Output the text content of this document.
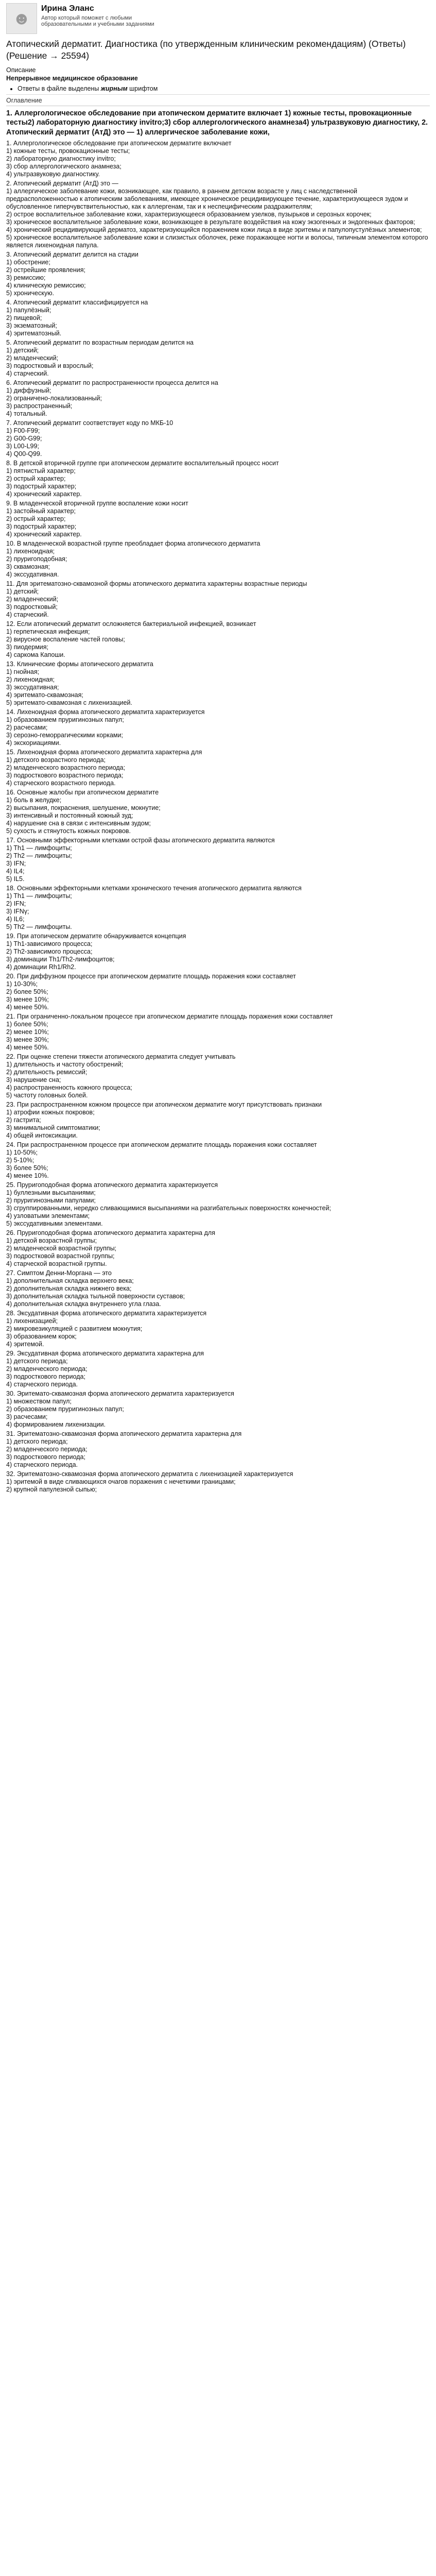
☻
Ирина Эланс
Автор который поможет с любыми образовательными и учебными заданиями
Атопический дерматит. Диагностика (по утвержденным клиническим рекомендациям) (Ответы) (Решение → 25594)
Описание
Непрерывное медицинское образование
• Ответы в файле выделены жирным шрифтом
Оглавление
1. Аллергологическое обследование при атопическом дерматите включает 1) кожные тесты, провокационные тесты2) лабораторную диагностику invitro;3) сбор аллергологического анамнеза4) ультразвуковую диагностику, 2. Атопический дерматит (АтД) это — 1) аллергическое заболевание кожи,
1. Аллергологическое обследование при атопическом дерматите включает
1) кожные тесты, провокационные тесты;
2) лабораторную диагностику invitro;
3) сбор аллергологического анамнеза;
4) ультразвуковую диагностику.
2. Атопический дерматит (АтД) это —
1) аллергическое заболевание кожи, возникающее, как правило, в раннем детском возрасте у лиц с наследственной предрасположенностью к атопическим заболеваниям, имеющее хроническое рецидивирующее течение, характеризующееся зудом и обусловленное гиперчувствительностью, как к аллергенам, так и к неспецифическим раздражителям;
2) острое воспалительное заболевание кожи, характеризующееся образованием узелков, пузырьков и серозных корочек;
3) хроническое воспалительное заболевание кожи, возникающее в результате воздействия на кожу экзогенных и эндогенных факторов;
4) хронический рецидивирующий дерматоз, характеризующийся поражением кожи лица в виде эритемы и папулопустулёзных элементов;
5) хроническое воспалительное заболевание кожи и слизистых оболочек, реже поражающее ногти и волосы, типичным элементом которого является лихеноидная папула.
3. Атопический дерматит делится на стадии
1) обострение;
2) острейшие проявления;
3) ремиссию;
4) клиническую ремиссию;
5) хроническую.
4. Атопический дерматит классифицируется на
1) папулёзный;
2) пищевой;
3) экзематозный;
4) эритематозный.
5. Атопический дерматит по возрастным периодам делится на
1) детский;
2) младенческий;
3) подростковый и взрослый;
4) старческий.
6. Атопический дерматит по распространенности процесса делится на
1) диффузный;
2) ограничено-локализованный;
3) распространенный;
4) тотальный.
7. Атопический дерматит соответствует коду по МКБ-10
1) F00-F99;
2) G00-G99;
3) L00-L99;
4) Q00-Q99.
8. В детской вторичной группе при атопическом дерматите воспалительный процесс носит
1) пятнистый характер;
2) острый характер;
3) подострый характер;
4) хронический характер.
9. В младенческой вторичной группе воспаление кожи носит
1) застойный характер;
2) острый характер;
3) подострый характер;
4) хронический характер.
10. В младенческой возрастной группе преобладает форма атопического дерматита
1) лихеноидная;
2) пруригоподобная;
3) сквамозная;
4) экссудативная.
11. Для эритематозно-сквамозной формы атопического дерматита характерны возрастные периоды
1) детский;
2) младенческий;
3) подростковый;
4) старческий.
12. Если атопический дерматит осложняется бактериальной инфекцией, возникает
1) герпетическая инфекция;
2) вирусное воспаление частей головы;
3) пиодермия;
4) саркома Капоши.
13. Клинические формы атопического дерматита
1) гнойная;
2) лихеноидная;
3) экссудативная;
4) эритемато-сквамозная;
5) эритемато-сквамозная с лихенизацией.
14. Лихеноидная форма атопического дерматита характеризуется
1) образованием пруригинозных папул;
2) расчесами;
3) серозно-геморрагическими корками;
4) экскориациями.
15. Лихеноидная форма атопического дерматита характерна для
1) детского возрастного периода;
2) младенческого возрастного периода;
3) подросткового возрастного периода;
4) старческого возрастного периода.
16. Основные жалобы при атопическом дерматите
1) боль в желудке;
2) высыпания, покраснения, шелушение, мокнутие;
3) интенсивный и постоянный кожный зуд;
4) нарушение сна в связи с интенсивным зудом;
5) сухость и стянутость кожных покровов.
17. Основными эффекторными клетками острой фазы атопического дерматита являются
1) Th1 — лимфоциты;
2) Th2 — лимфоциты;
3) IFN;
4) IL4;
5) IL5.
18. Основными эффекторными клетками хронического течения атопического дерматита являются
1) Th1 — лимфоциты;
2) IFN;
3) IFNγ;
4) IL6;
5) Th2 — лимфоциты.
19. При атопическом дерматите обнаруживается концепция
1) Th1-зависимого процесса;
2) Th2-зависимого процесса;
3) доминации Th1/Th2-лимфоцитов;
4) доминации Rh1/Rh2.
20. При диффузном процессе при атопическом дерматите площадь поражения кожи составляет
1) 10-30%;
2) более 50%;
3) менее 10%;
4) менее 50%.
21. При ограниченно-локальном процессе при атопическом дерматите площадь поражения кожи составляет
1) более 50%;
2) менее 10%;
3) менее 30%;
4) менее 50%.
22. При оценке степени тяжести атопического дерматита следует учитывать
1) длительность и частоту обострений;
2) длительность ремиссий;
3) нарушение сна;
4) распространенность кожного процесса;
5) частоту головных болей.
23. При распространенном кожном процессе при атопическом дерматите могут присутствовать признаки
1) атрофии кожных покровов;
2) гастрита;
3) минимальной симптоматики;
4) общей интоксикации.
24. При распространенном процессе при атопическом дерматите площадь поражения кожи составляет
1) 10-50%;
2) 5-10%;
3) более 50%;
4) менее 10%.
25. Пруригоподобная форма атопического дерматита характеризуется
1) буллезными высыпаниями;
2) пруригинозными папулами;
3) сгруппированными, нередко сливающимися высыпаниями на разгибательных поверхностях конечностей;
4) узловатыми элементами;
5) экссудативными элементами.
26. Пруригоподобная форма атопического дерматита характерна для
1) детской возрастной группы;
2) младенческой возрастной группы;
3) подростковой возрастной группы;
4) старческой возрастной группы.
27. Симптом Денни-Моргана — это
1) дополнительная складка верхнего века;
2) дополнительная складка нижнего века;
3) дополнительная складка тыльной поверхности суставов;
4) дополнительная складка внутреннего угла глаза.
28. Эксудативная форма атопического дерматита характеризуется
1) лихенизацией;
2) микровезикуляцией с развитием мокнутия;
3) образованием корок;
4) эритемой.
29. Эксудативная форма атопического дерматита характерна для
1) детского периода;
2) младенческого периода;
3) подросткового периода;
4) старческого периода.
30. Эритемато-сквамозная форма атопического дерматита характеризуется
1) множеством папул;
2) образованием пруригинозных папул;
3) расчесами;
4) формированием лихенизации.
31. Эритематозно-сквамозная форма атопического дерматита характерна для
1) детского периода;
2) младенческого периода;
3) подросткового периода;
4) старческого периода.
32. Эритематозно-сквамозная форма атопического дерматита с лихенизацией характеризуется
1) эритемой в виде сливающихся очагов поражения с нечеткими границами;
2) крупной папулезной сыпью;
